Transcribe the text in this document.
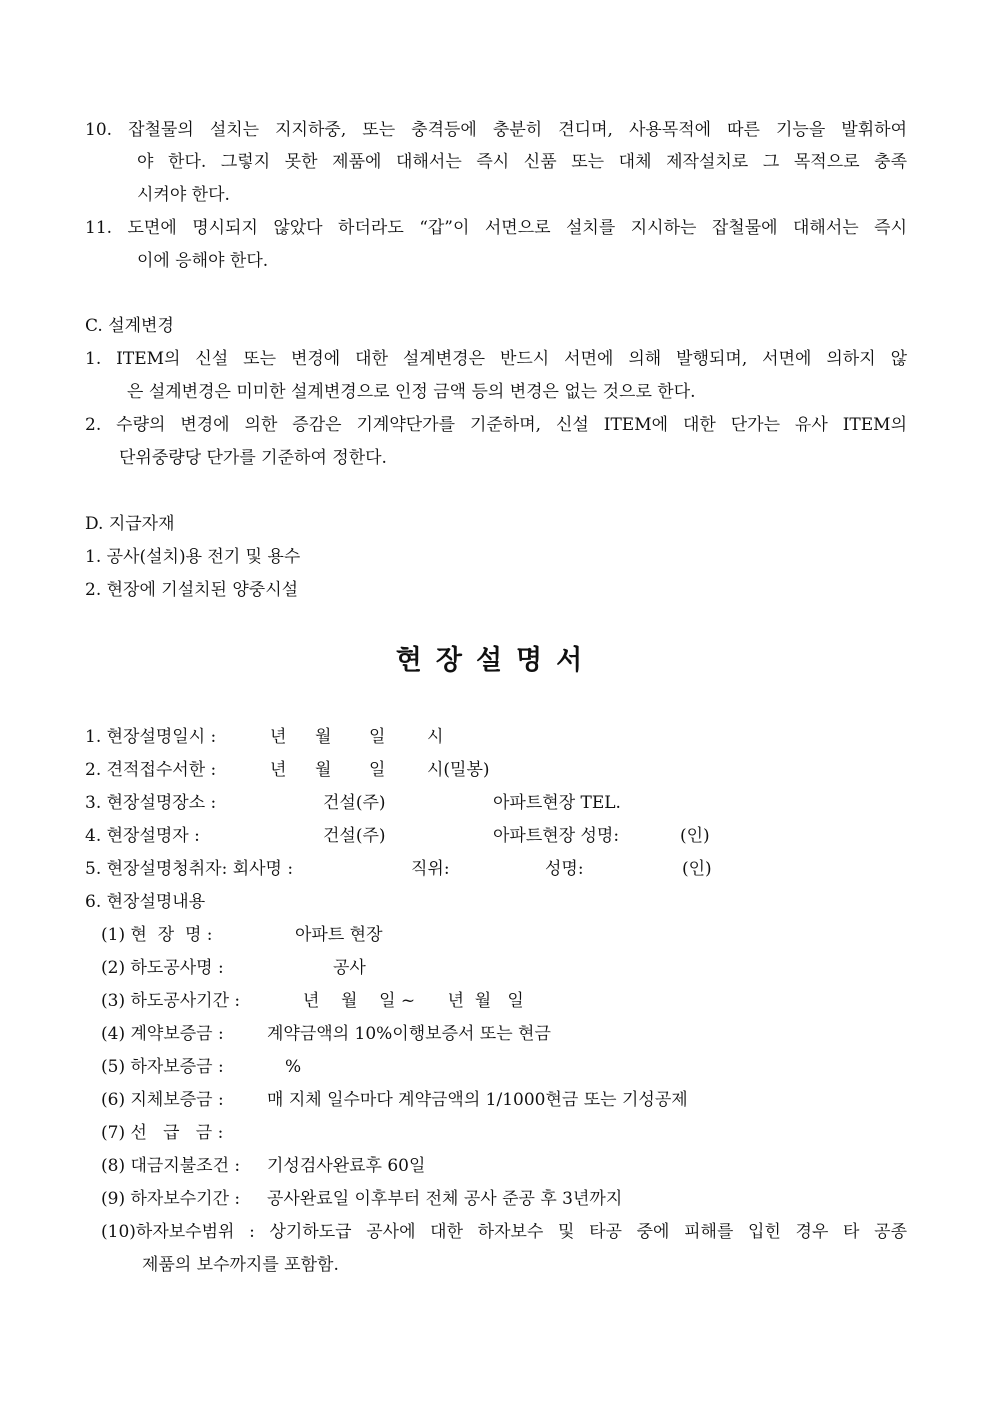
10. 잡철물의 설치는 지지하중, 또는 충격등에 충분히 견디며, 사용목적에 따른 기능을 발휘하여
야 한다. 그렇지 못한 제품에 대해서는 즉시 신품 또는 대체 제작설치로 그 목적으로 충족
시켜야 한다.
11. 도면에 명시되지 않았다 하더라도 “갑”이 서면으로 설치를 지시하는 잡철물에 대해서는 즉시
이에 응해야 한다.
C. 설계변경
1. ITEM의 신설 또는 변경에 대한 설계변경은 반드시 서면에 의해 발행되며, 서면에 의하지 않
은 설계변경은 미미한 설계변경으로 인정 금액 등의 변경은 없는 것으로 한다.
2. 수량의 변경에 의한 증감은 기계약단가를 기준하며, 신설 ITEM에 대한 단가는 유사 ITEM의
단위중량당 단가를 기준하여 정한다.
D. 지급자재
1. 공사(설치)용 전기 및 용수
2. 현장에 기설치된 양중시설
현장설명서
1. 현장설명일시 :	년 월 일 시
2. 견적접수서한 :	년 월 일 시(밀봉)
3. 현장설명장소 :	건설(주)	아파트현장 TEL.
4. 현장설명자 :	건설(주)	아파트현장 성명:	(인)
5. 현장설명청취자: 회사명 :	직위:	성명:	(인)
6. 현장설명내용
(1) 현  장  명 :	아파트 현장
(2) 하도공사명 :	공사
(3) 하도공사기간 :	년    월    일 ~      년  월   일
(4) 계약보증금 :	계약금액의 10%이행보증서 또는 현금
(5) 하자보증금 :	%
(6) 지체보증금 :	매 지체 일수마다 계약금액의 1/1000현금 또는 기성공제
(7) 선   급   금 :
(8) 대금지불조건 : 기성검사완료후 60일
(9) 하자보수기간 : 공사완료일 이후부터 전체 공사 준공 후 3년까지
(10)하자보수범위 : 상기하도급 공사에 대한 하자보수 및 타공 중에 피해를 입힌 경우 타 공종
제품의 보수까지를 포함함.
